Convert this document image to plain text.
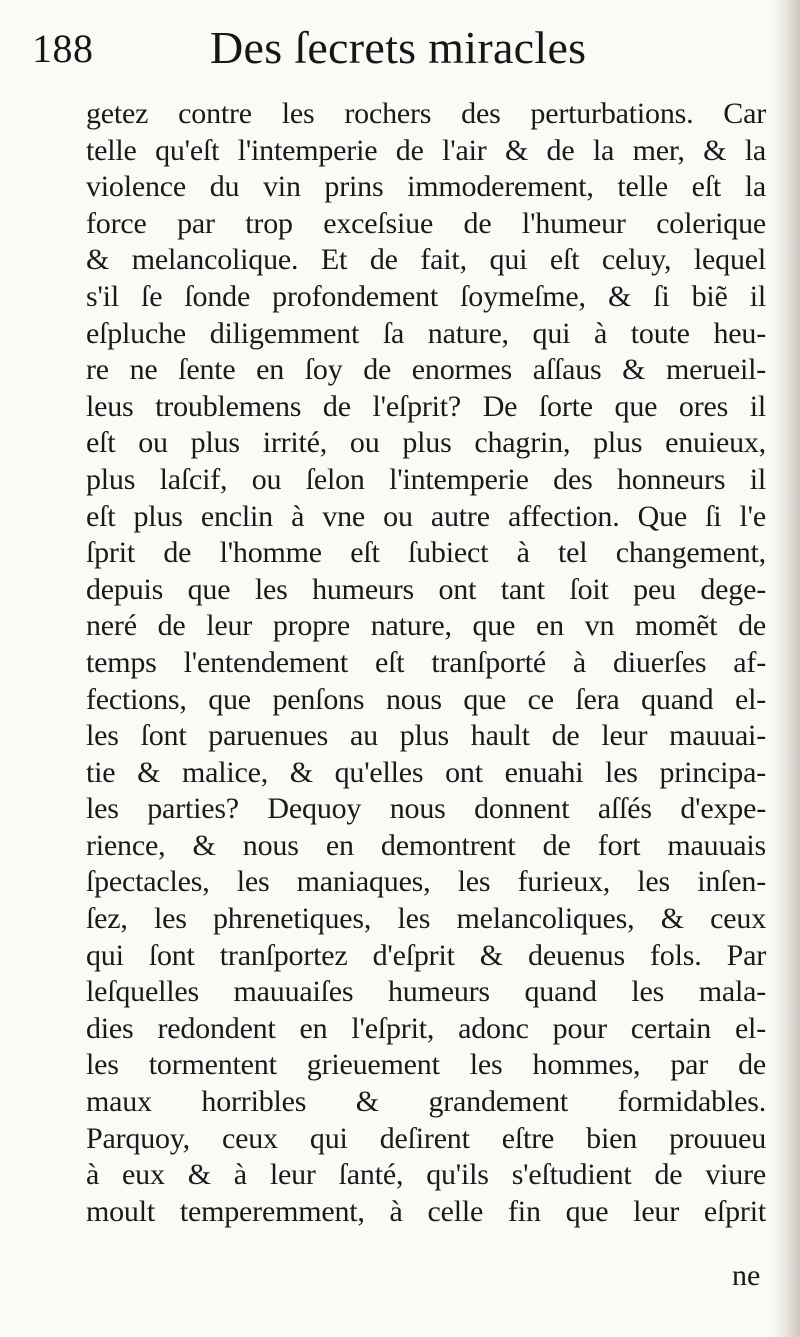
188	Des ſecrets miracles
getez contre les rochers des perturbations. Car
telle qu'eſt l'intemperie de l'air & de la mer, & la
violence du vin prins immoderement, telle eſt la
force par trop exceſsiue de l'humeur colerique
& melancolique. Et de fait, qui eſt celuy, lequel
s'il ſe ſonde profondement ſoymeſme, & ſi biẽ il
eſpluche diligemment ſa nature, qui à toute heu-
re ne ſente en ſoy de enormes aſſaus & merueil-
leus troublemens de l'eſprit? De ſorte que ores il
eſt ou plus irrité, ou plus chagrin, plus enuieux,
plus laſcif, ou ſelon l'intemperie des honneurs il
eſt plus enclin à vne ou autre affection. Que ſi l'e
ſprit de l'homme eſt ſubiect à tel changement,
depuis que les humeurs ont tant ſoit peu dege-
neré de leur propre nature, que en vn momẽt de
temps l'entendement eſt tranſporté à diuerſes af-
fections, que penſons nous que ce ſera quand el-
les ſont paruenues au plus hault de leur mauuai-
tie & malice, & qu'elles ont enuahi les principa-
les parties? Dequoy nous donnent aſſés d'expe-
rience, & nous en demontrent de fort mauuais
ſpectacles, les maniaques, les furieux, les inſen-
ſez, les phrenetiques, les melancoliques, & ceux
qui ſont tranſportez d'eſprit & deuenus fols. Par
leſquelles mauuaiſes humeurs quand les mala-
dies redondent en l'eſprit, adonc pour certain el-
les tormentent grieuement les hommes, par de
maux horribles & grandement formidables.
Parquoy, ceux qui deſirent eſtre bien prouueu
à eux & à leur ſanté, qu'ils s'eſtudient de viure
moult temperemment, à celle fin que leur eſprit
ne
